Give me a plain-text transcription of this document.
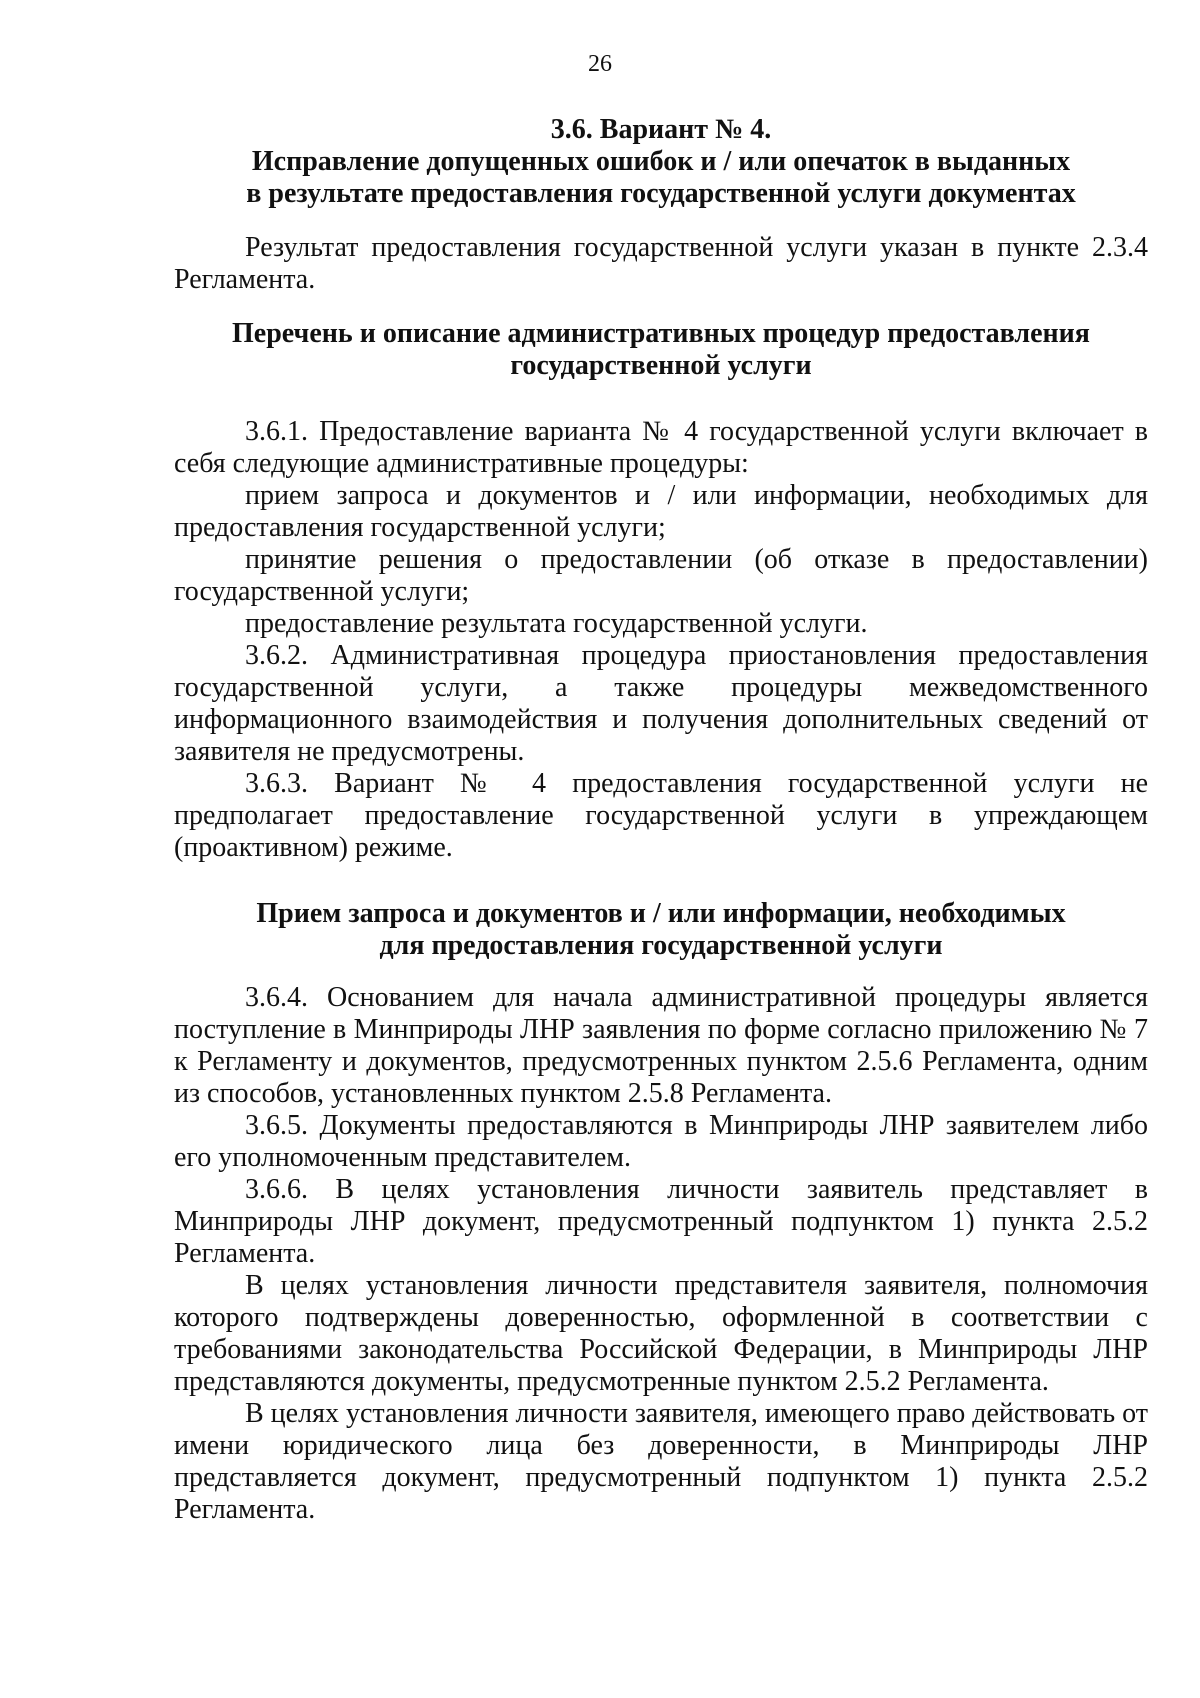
26
3.6. Вариант № 4.
Исправление допущенных ошибок и / или опечаток в выданных
в результате предоставления государственной услуги документах

Результат предоставления государственной услуги указан в пункте 2.3.4 Регламента.

Перечень и описание административных процедур предоставления
государственной услуги

3.6.1. Предоставление варианта № 4 государственной услуги включает в себя следующие административные процедуры:

прием запроса и документов и / или информации, необходимых для предоставления государственной услуги;

принятие решения о предоставлении (об отказе в предоставлении) государственной услуги;

предоставление результата государственной услуги.

3.6.2. Административная процедура приостановления предоставления государственной услуги, а также процедуры межведомственного информационного взаимодействия и получения дополнительных сведений от заявителя не предусмотрены.

3.6.3. Вариант № 4 предоставления государственной услуги не предполагает предоставление государственной услуги в упреждающем (проактивном) режиме.

Прием запроса и документов и / или информации, необходимых
для предоставления государственной услуги

3.6.4. Основанием для начала административной процедуры является поступление в Минприроды ЛНР заявления по форме согласно приложению № 7 к Регламенту и документов, предусмотренных пунктом 2.5.6 Регламента, одним из способов, установленных пунктом 2.5.8 Регламента.

3.6.5. Документы предоставляются в Минприроды ЛНР заявителем либо его уполномоченным представителем.

3.6.6. В целях установления личности заявитель представляет в Минприроды ЛНР документ, предусмотренный подпунктом 1) пункта 2.5.2 Регламента.

В целях установления личности представителя заявителя, полномочия которого подтверждены доверенностью, оформленной в соответствии с требованиями законодательства Российской Федерации, в Минприроды ЛНР представляются документы, предусмотренные пунктом 2.5.2 Регламента.

В целях установления личности заявителя, имеющего право действовать от имени юридического лица без доверенности, в Минприроды ЛНР представляется документ, предусмотренный подпунктом 1) пункта 2.5.2 Регламента.
